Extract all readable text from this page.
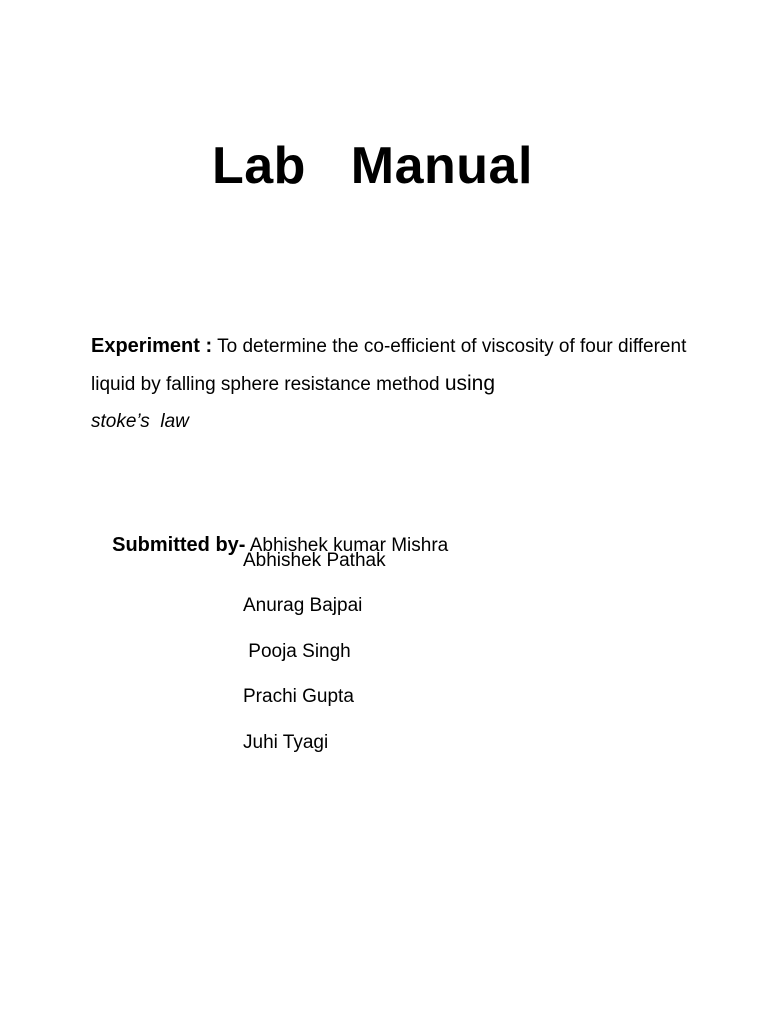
Lab   Manual
Experiment : To determine the co-efficient of viscosity of four different liquid by falling sphere resistance method using
stoke’s  law

Submitted by- Abhishek kumar Mishra

Abhishek Pathak
Anurag Bajpai
Pooja Singh
Prachi Gupta
Juhi Tyagi
